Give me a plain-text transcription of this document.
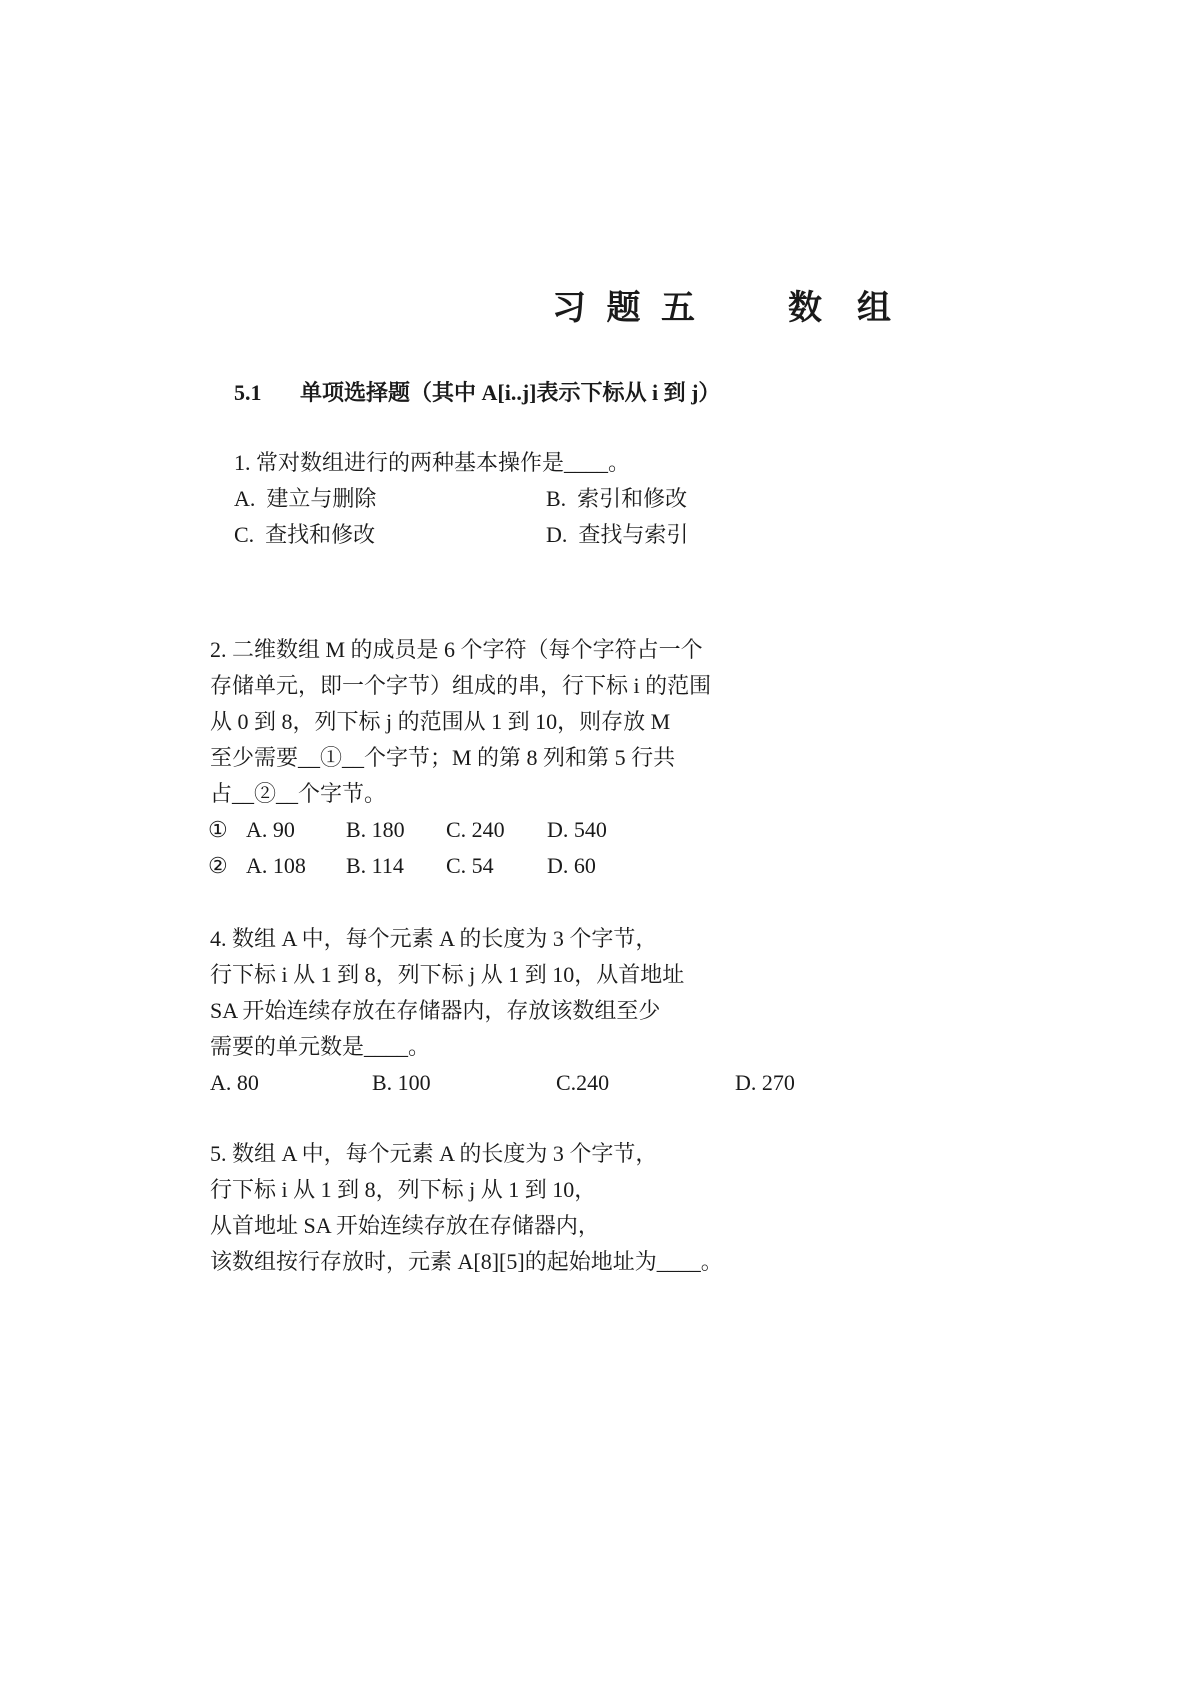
习 题 五      数  组
5.1 单项选择题（其中 A[i..j]表示下标从 i 到 j）

1. 常对数组进行的两种基本操作是____。

A.  建立与删除	B.  索引和修改

C.  查找和修改	D.  查找与索引

2. 二维数组 M 的成员是 6 个字符（每个字符占一个

存储单元，即一个字节）组成的串，行下标 i 的范围

从 0 到 8，列下标 j 的范围从 1 到 10，则存放 M

至少需要__①__个字节；M 的第 8 列和第 5 行共

占__②__个字节。

① A. 90 B. 180 C. 240 D. 540

② A. 108 B. 114 C. 54 D. 60

4. 数组 A 中，每个元素 A 的长度为 3 个字节，

行下标 i 从 1 到 8，列下标 j 从 1 到 10，从首地址

SA 开始连续存放在存储器内，存放该数组至少

需要的单元数是____。

A. 80	B. 100	C.240	D. 270

5. 数组 A 中，每个元素 A 的长度为 3 个字节，

行下标 i 从 1 到 8，列下标 j 从 1 到 10，

从首地址 SA 开始连续存放在存储器内，

该数组按行存放时，元素 A[8][5]的起始地址为____。
